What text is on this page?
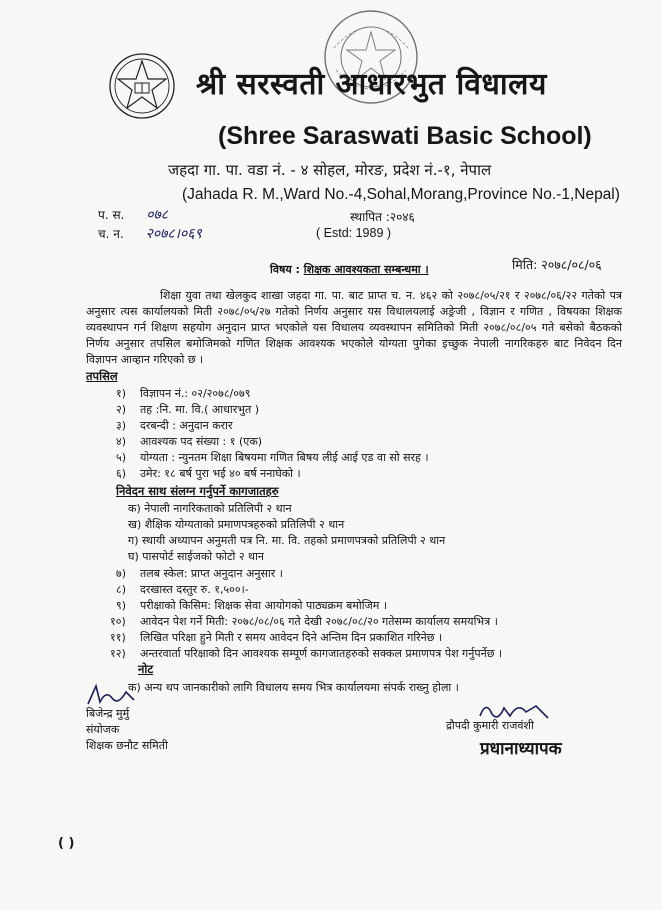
श्री सरस्वती आधारभुत विधालय
(Shree Saraswati Basic School)
जहदा गा. पा. वडा नं. - ४ सोहल, मोरङ, प्रदेश नं.-१, नेपाल
(Jahada R. M.,Ward No.-4,Sohal,Morang,Province No.-1,Nepal)
प. स. ०७८
च. न. २०७८।०६९
स्थापित :२०४६
( Estd: 1989 )
मिति: २०७८/०८/०६
विषय : शिक्षक आवश्यकता सम्बन्धमा ।

शिक्षा युवा तथा खेलकुद शाखा जहदा गा. पा. बाट प्राप्त च. न. ४६२ को २०७८/०५/२१ र २०७८/०६/२२ गतेको पत्र अनुसार त्यस कार्यालयको मिती २०७८/०५/२७ गतेको निर्णय अनुसार यस विधालयलाई अङ्रेजी , विज्ञान र गणित , विषयका शिक्षक व्यवस्थापन गर्न शिक्षण सहयोग अनुदान प्राप्त भएकोले यस विधालय व्यवस्थापन समितिको मिती २०७८/०८/०५ गते बसेको बैठकको निर्णय अनुसार तपसिल बमोजिमको गणित शिक्षक आवश्यक भएकोले योग्यता पुगेका इच्छुक नेपाली नागरिकहरु बाट निवेदन दिन विज्ञापन आव्हान गरिएको छ ।

तपसिल
१) विज्ञापन नं.: ०२/२०७८/०७९
२) तह :नि. मा. वि.( आधारभुत )
३) दरबन्दी : अनुदान करार
४) आवश्यक पद संख्या : १ (एक)
५) योग्यता : न्युनतम शिक्षा बिषयमा गणित बिषय लीई आई एड वा सो सरह ।
६) उमेर: १८ बर्ष पुरा भई ४० बर्ष ननाघेको ।
निवेदन साथ संलग्न गर्नुपर्ने कागजातहरु
क) नेपाली नागरिकताको प्रतिलिपी २ थान
ख) शैक्षिक योग्यताको प्रमाणपत्रहरुको प्रतिलिपी २ थान
ग) स्थायी अध्यापन अनुमती पत्र नि. मा. वि. तहको प्रमाणपत्रको प्रतिलिपी २ थान
घ) पासपोर्ट साईजको फोटो २ थान
७) तलब स्केल: प्राप्त अनुदान अनुसार ।
८) दरखास्त दस्तुर रु. १,५००।-
९) परीक्षाको किसिम: शिक्षक सेवा आयोगको पाठ्यक्रम बमोजिम ।
१०) आवेदन पेश गर्ने मिती: २०७८/०८/०६ गते देखी २०७८/०८/२० गतेसम्म कार्यालय समयभित्र ।
११) लिखित परिक्षा हुने मिती र समय आवेदन दिने अन्तिम दिन प्रकाशित गरिनेछ ।
१२) अन्तरवार्ता परिक्षाको दिन आवश्यक सम्पूर्ण कागजातहरुको सक्कल प्रमाणपत्र पेश गर्नुपर्नेछ ।
नोट
क) अन्य थप जानकारीको लागि विधालय समय भित्र कार्यालयमा संपर्क राख्नु होला ।
बिजेन्द्र मुर्मु
संयोजक
शिक्षक छनौट समिती
द्रौपदी कुमारी राजवंशी
प्रधानाध्यापक
( )
